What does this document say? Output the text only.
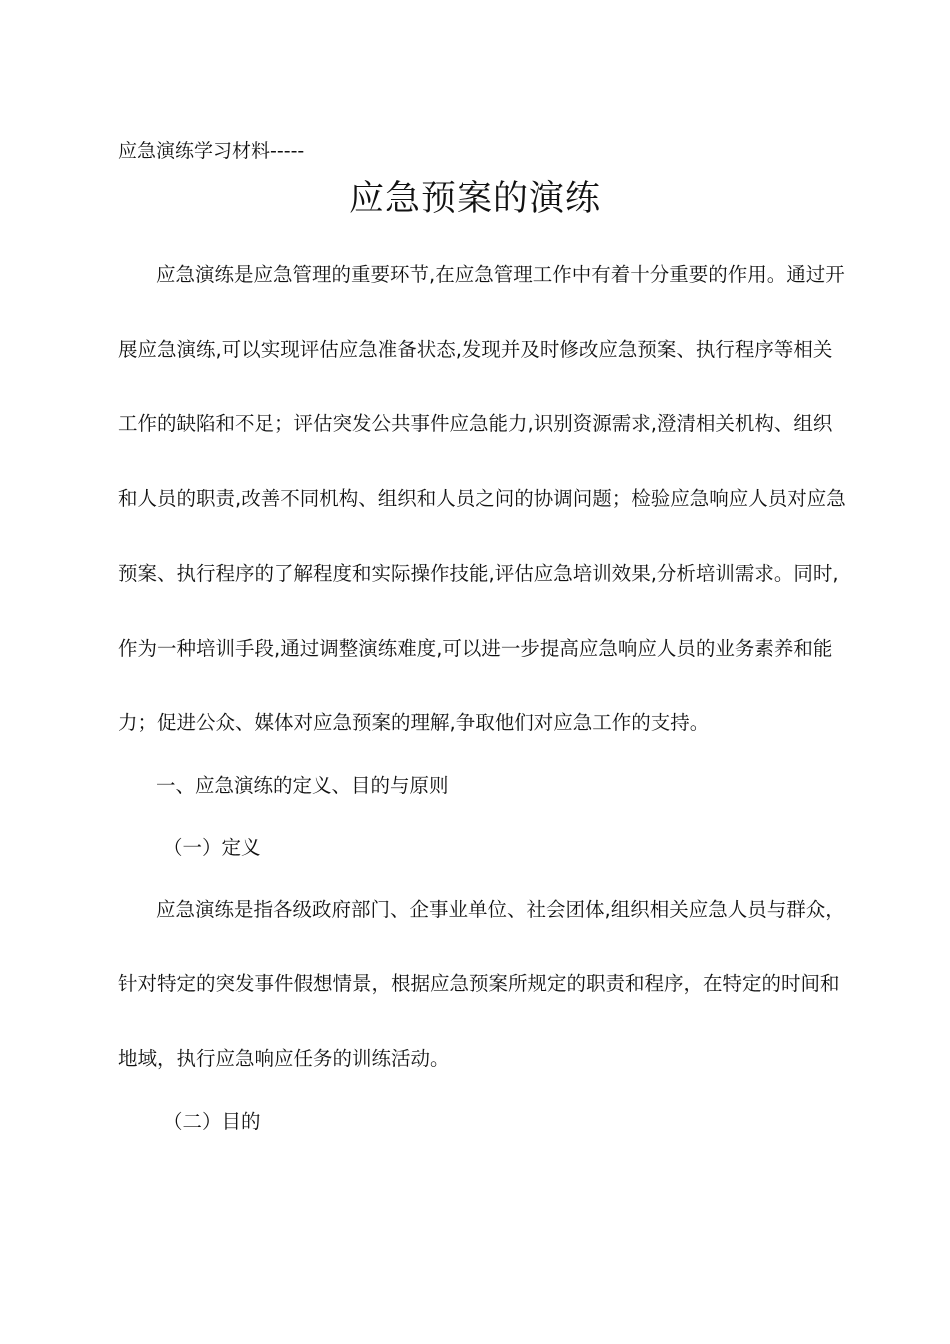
应急演练学习材料-----
应急预案的演练
应急演练是应急管理的重要环节,在应急管理工作中有着十分重要的作用。通过开
展应急演练,可以实现评估应急准备状态,发现并及时修改应急预案、执行程序等相关
工作的缺陷和不足；评估突发公共事件应急能力,识别资源需求,澄清相关机构、组织
和人员的职责,改善不同机构、组织和人员之问的协调问题；检验应急响应人员对应急
预案、执行程序的了解程度和实际操作技能,评估应急培训效果,分析培训需求。同时,
作为一种培训手段,通过调整演练难度,可以进一步提高应急响应人员的业务素养和能
力；促进公众、媒体对应急预案的理解,争取他们对应急工作的支持。
一、应急演练的定义、目的与原则
（一）定义
应急演练是指各级政府部门、企事业单位、社会团体,组织相关应急人员与群众，
针对特定的突发事件假想情景，根据应急预案所规定的职责和程序，在特定的时间和
地域，执行应急响应任务的训练活动。
（二）目的
